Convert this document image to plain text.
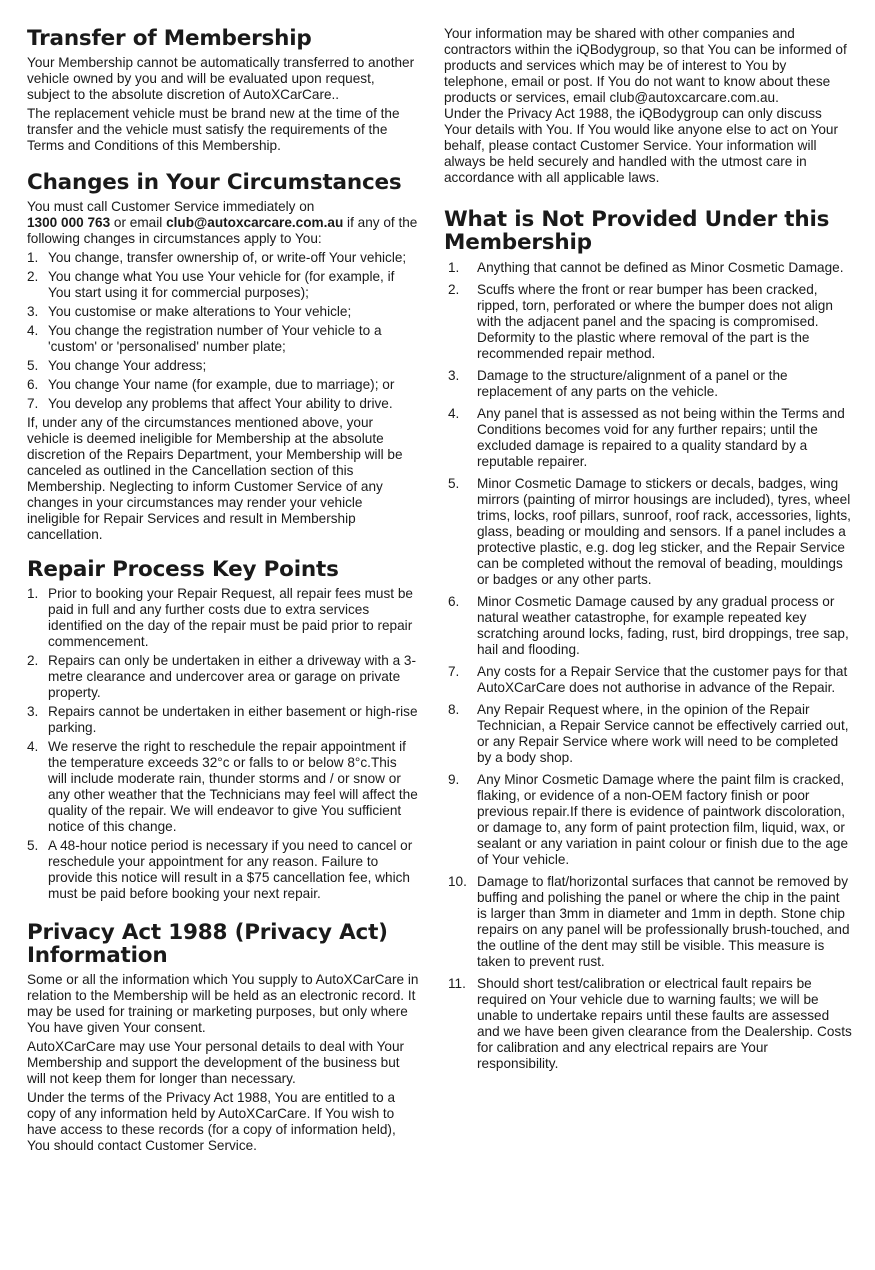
Transfer of Membership

Your Membership cannot be automatically transferred to another vehicle owned by you and will be evaluated upon request, subject to the absolute discretion of AutoXCarCare..

The replacement vehicle must be brand new at the time of the transfer and the vehicle must satisfy the requirements of the Terms and Conditions of this Membership.

Changes in Your Circumstances

You must call Customer Service immediately on
1300 000 763 or email club@autoxcarcare.com.au if any of the following changes in circumstances apply to You:

1. You change, transfer ownership of, or write-off Your vehicle;
2. You change what You use Your vehicle for (for example, if You start using it for commercial purposes);
3. You customise or make alterations to Your vehicle;
4. You change the registration number of Your vehicle to a 'custom' or 'personalised' number plate;
5. You change Your address;
6. You change Your name (for example, due to marriage); or
7. You develop any problems that affect Your ability to drive.

If, under any of the circumstances mentioned above, your vehicle is deemed ineligible for Membership at the absolute discretion of the Repairs Department, your Membership will be canceled as outlined in the Cancellation section of this Membership. Neglecting to inform Customer Service of any changes in your circumstances may render your vehicle ineligible for Repair Services and result in Membership cancellation.

Repair Process Key Points
1. Prior to booking your Repair Request, all repair fees must be paid in full and any further costs due to extra services identified on the day of the repair must be paid prior to repair commencement.
2. Repairs can only be undertaken in either a driveway with a 3-metre clearance and undercover area or garage on private property.
3. Repairs cannot be undertaken in either basement or high-rise parking.
4. We reserve the right to reschedule the repair appointment if the temperature exceeds 32°c or falls to or below 8°c.This will include moderate rain, thunder storms and / or snow or any other weather that the Technicians may feel will affect the quality of the repair. We will endeavor to give You sufficient notice of this change.
5. A 48-hour notice period is necessary if you need to cancel or reschedule your appointment for any reason. Failure to provide this notice will result in a $75 cancellation fee, which must be paid before booking your next repair.
Privacy Act 1988 (Privacy Act) Information

Some or all the information which You supply to AutoXCarCare in relation to the Membership will be held as an electronic record. It may be used for training or marketing purposes, but only where You have given Your consent.

AutoXCarCare may use Your personal details to deal with Your Membership and support the development of the business but will not keep them for longer than necessary.

Under the terms of the Privacy Act 1988, You are entitled to a copy of any information held by AutoXCarCare. If You wish to have access to these records (for a copy of information held), You should contact Customer Service.

Your information may be shared with other companies and contractors within the iQBodygroup, so that You can be informed of products and services which may be of interest to You by telephone, email or post. If You do not want to know about these products or services, email club@autoxcarcare.com.au.

Under the Privacy Act 1988, the iQBodygroup can only discuss Your details with You. If You would like anyone else to act on Your behalf, please contact Customer Service. Your information will always be held securely and handled with the utmost care in accordance with all applicable laws.

What is Not Provided Under this Membership
1. Anything that cannot be defined as Minor Cosmetic Damage.
2. Scuffs where the front or rear bumper has been cracked, ripped, torn, perforated or where the bumper does not align with the adjacent panel and the spacing is compromised. Deformity to the plastic where removal of the part is the recommended repair method.
3. Damage to the structure/alignment of a panel or the replacement of any parts on the vehicle.
4. Any panel that is assessed as not being within the Terms and Conditions becomes void for any further repairs; until the excluded damage is repaired to a quality standard by a reputable repairer.
5. Minor Cosmetic Damage to stickers or decals, badges, wing mirrors (painting of mirror housings are included), tyres, wheel trims, locks, roof pillars, sunroof, roof rack, accessories, lights, glass, beading or moulding and sensors. If a panel includes a protective plastic, e.g. dog leg sticker, and the Repair Service can be completed without the removal of beading, mouldings or badges or any other parts.
6. Minor Cosmetic Damage caused by any gradual process or natural weather catastrophe, for example repeated key scratching around locks, fading, rust, bird droppings, tree sap, hail and flooding.
7. Any costs for a Repair Service that the customer pays for that AutoXCarCare does not authorise in advance of the Repair.
8. Any Repair Request where, in the opinion of the Repair Technician, a Repair Service cannot be effectively carried out, or any Repair Service where work will need to be completed by a body shop.
9. Any Minor Cosmetic Damage where the paint film is cracked, flaking, or evidence of a non-OEM factory finish or poor previous repair.If there is evidence of paintwork discoloration, or damage to, any form of paint protection film, liquid, wax, or sealant or any variation in paint colour or finish due to the age of Your vehicle.
10. Damage to flat/horizontal surfaces that cannot be removed by buffing and polishing the panel or where the chip in the paint is larger than 3mm in diameter and 1mm in depth. Stone chip repairs on any panel will be professionally brush-touched, and the outline of the dent may still be visible. This measure is taken to prevent rust.
11. Should short test/calibration or electrical fault repairs be required on Your vehicle due to warning faults; we will be unable to undertake repairs until these faults are assessed and we have been given clearance from the Dealership. Costs for calibration and any electrical repairs are Your responsibility.
